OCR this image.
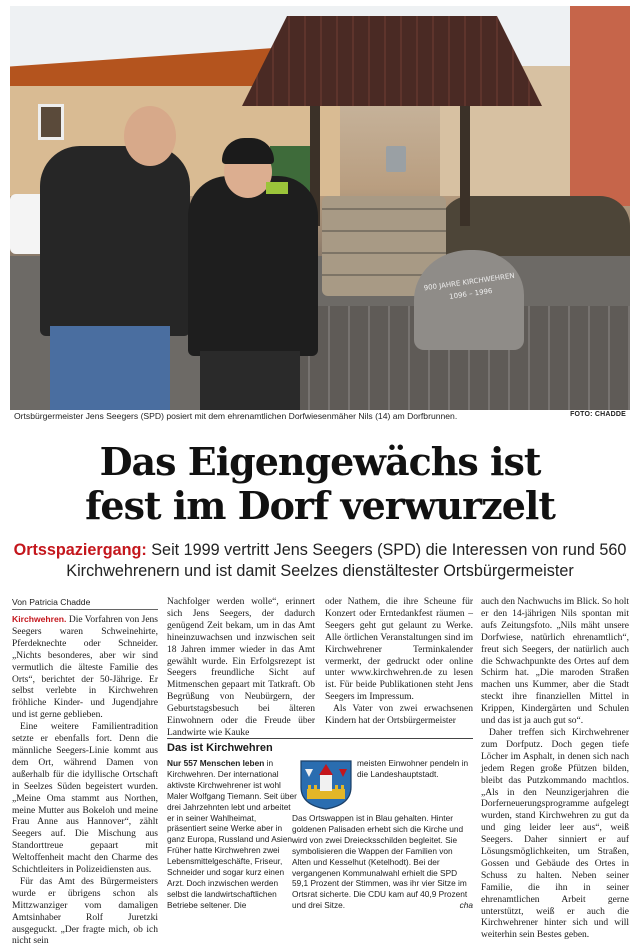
900 JAHRE KIRCHWEHREN 1096 – 1996
Ortsbürgermeister Jens Seegers (SPD) posiert mit dem ehrenamtlichen Dorfwiesenmäher Nils (14) am Dorfbrunnen.	FOTO: CHADDE
Das Eigengewächs ist
fest im Dorf verwurzelt
Ortsspaziergang: Seit 1999 vertritt Jens Seegers (SPD) die Interessen von rund 560 Kirchwehrenern und ist damit Seelzes dienstältester Ortsbürgermeister
Von Patricia Chadde

Kirchwehren. Die Vorfahren von Jens Seegers waren Schweinehirte, Pferdeknechte oder Schneider. „Nichts besonderes, aber wir sind vermutlich die älteste Familie des Orts“, berichtet der 50-Jährige. Er selbst verlebte in Kirchwehren fröhliche Kinder- und Jugendjahre und ist gerne geblieben.

Eine weitere Familientradition setzte er ebenfalls fort. Denn die männliche Seegers-Linie kommt aus dem Ort, während Damen von außerhalb für die idyllische Ortschaft in Seelzes Süden begeistert wurden. „Meine Oma stammt aus Northen, meine Mutter aus Bokeloh und meine Frau Anne aus Hannover“, zählt Seegers auf. Die Mischung aus Standorttreue gepaart mit Weltoffenheit macht den Charme des Schichtleiters in Polizeidiensten aus.

Für das Amt des Bürgermeisters wurde er übrigens schon als Mittzwanziger vom damaligen Amtsinhaber Rolf Juretzki ausgeguckt. „Der fragte mich, ob ich nicht sein

Nachfolger werden wolle“, erinnert sich Jens Seegers, der dadurch genügend Zeit bekam, um in das Amt hineinzuwachsen und inzwischen seit 18 Jahren immer wieder in das Amt gewählt wurde. Ein Erfolgsrezept ist Seegers freundliche Sicht auf Mitmenschen gepaart mit Tatkraft. Ob Begrüßung von Neubürgern, der Geburtstagsbesuch bei älteren Einwohnern oder die Freude über Landwirte wie Kauke

oder Nathem, die ihre Scheune für Konzert oder Erntedankfest räumen – Seegers geht gut gelaunt zu Werke. Alle örtlichen Veranstaltungen sind im Kirchwehrener Terminkalender vermerkt, der gedruckt oder online unter www.kirchwehren.de zu lesen ist. Für beide Publikationen steht Jens Seegers im Impressum.

Als Vater von zwei erwachsenen Kindern hat der Ortsbürgermeister

auch den Nachwuchs im Blick. So holt er den 14-jährigen Nils spontan mit aufs Zeitungsfoto. „Nils mäht unsere Dorfwiese, natürlich ehrenamtlich“, freut sich Seegers, der natürlich auch die Schwachpunkte des Ortes auf dem Schirm hat. „Die maroden Straßen machen uns Kummer, aber die Stadt steckt ihre finanziellen Mittel in Krippen, Kindergärten und Schulen und das ist ja auch gut so“.

Daher treffen sich Kirchwehrener zum Dorfputz. Doch gegen tiefe Löcher im Asphalt, in denen sich nach jedem Regen große Pfützen bilden, bleibt das Putzkommando machtlos. „Als in den Neunzigerjahren die Dorferneuerungsprogramme aufgelegt wurden, stand Kirchwehren zu gut da und ging leider leer aus“, weiß Seegers. Daher sinniert er auf Lösungsmöglichkeiten, um Straßen, Gossen und Gebäude des Ortes in Schuss zu halten. Neben seiner Familie, die ihn in seiner ehrenamtlichen Arbeit gerne unterstützt, weiß er auch die Kirchwehrener hinter sich und will weiterhin sein Bestes geben.

Das ist Kirchwehren
Nur 557 Menschen leben in Kirchwehren. Der international aktivste Kirchwehrener ist wohl Maler Wolfgang Tiemann. Seit über drei Jahrzehnten lebt und arbeitet er in seiner Wahlheimat, präsentiert seine Werke aber in ganz Europa, Russland und Asien. Früher hatte Kirchwehren zwei Lebensmittelgeschäfte, Friseur, Schneider und sogar kurz einen Arzt. Doch inzwischen werden selbst die landwirtschaftlichen Betriebe seltener. Die
meisten Einwohner pendeln in die Landeshauptstadt.
Das Ortswappen ist in Blau gehalten. Hinter goldenen Palisaden erhebt sich die Kirche und wird von zwei Dreiecksschilden begleitet. Sie symbolisieren die Wappen der Familien von Alten und Kesselhut (Ketelhodt). Bei der vergangenen Kommunalwahl erhielt die SPD 59,1 Prozent der Stimmen, was ihr vier Sitze im Ortsrat sicherte. Die CDU kam auf 40,9 Prozent und drei Sitze.	cha
